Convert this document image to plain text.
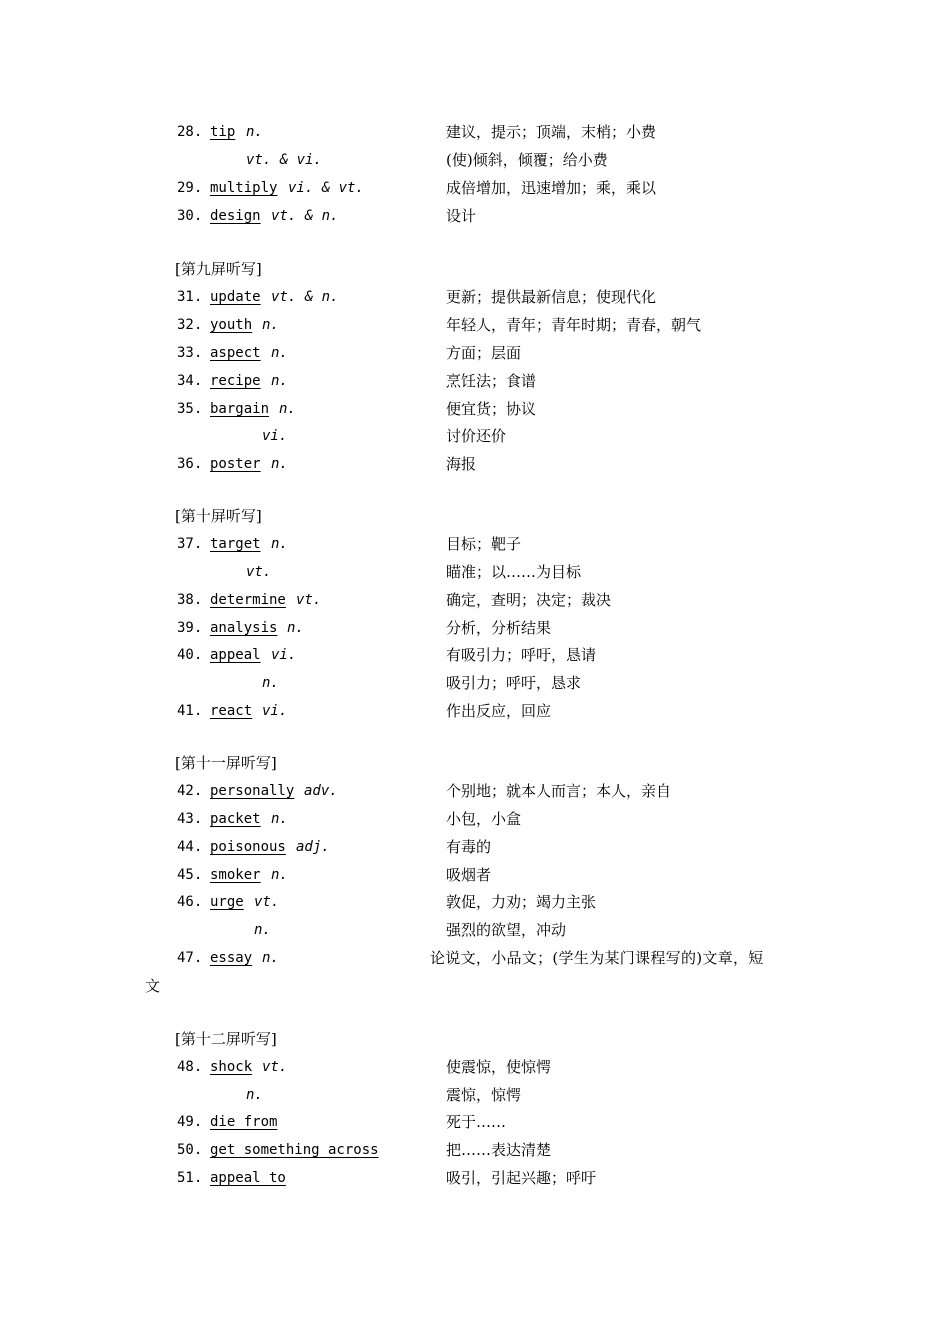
28. tip n.	建议，提示；顶端，末梢；小费
vt. & vi.	(使)倾斜，倾覆；给小费
29. multiply vi. & vt.	成倍增加，迅速增加；乘，乘以
30. design vt. & n.	设计
[第九屏听写]
31. update vt. & n.	更新；提供最新信息；使现代化
32. youth n.	年轻人，青年；青年时期；青春，朝气
33. aspect n.	方面；层面
34. recipe n.	烹饪法；食谱
35. bargain n.	便宜货；协议
vi.	讨价还价
36. poster n.	海报
[第十屏听写]
37. target n.	目标；靶子
vt.	瞄准；以……为目标
38. determine vt.	确定，查明；决定；裁决
39. analysis n.	分析，分析结果
40. appeal vi.	有吸引力；呼吁，恳请
n.	吸引力；呼吁，恳求
41. react vi.	作出反应，回应
[第十一屏听写]
42. personally adv.	个别地；就本人而言；本人，亲自
43. packet n.	小包，小盒
44. poisonous adj.	有毒的
45. smoker n.	吸烟者
46. urge vt.	敦促，力劝；竭力主张
n.	强烈的欲望，冲动
47. essay n.	论说文，小品文；(学生为某门课程写的)文章，短
文
[第十二屏听写]
48. shock vt.	使震惊，使惊愕
n.	震惊，惊愕
49. die from	死于……
50. get something across	把……表达清楚
51. appeal to	吸引，引起兴趣；呼吁
